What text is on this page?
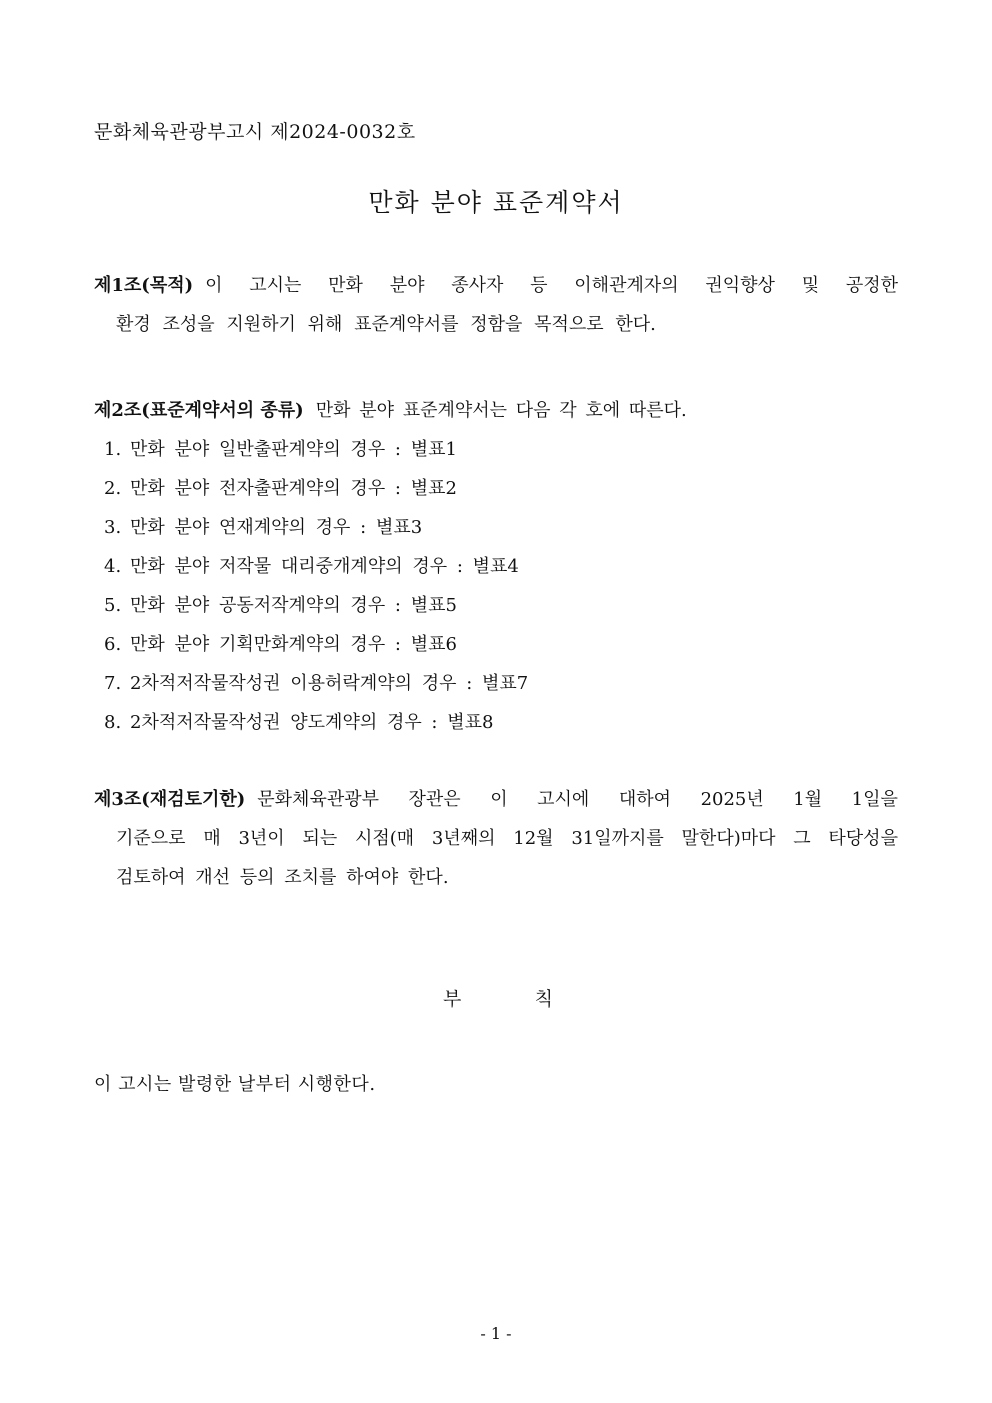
문화체육관광부고시 제2024-0032호
만화 분야 표준계약서
제1조(목적) 이 고시는 만화 분야 종사자 등 이해관계자의 권익향상 및 공정한
환경 조성을 지원하기 위해 표준계약서를 정함을 목적으로 한다.
제2조(표준계약서의 종류) 만화 분야 표준계약서는 다음 각 호에 따른다.
1. 만화 분야 일반출판계약의 경우 : 별표1
2. 만화 분야 전자출판계약의 경우 : 별표2
3. 만화 분야 연재계약의 경우 : 별표3
4. 만화 분야 저작물 대리중개계약의 경우 : 별표4
5. 만화 분야 공동저작계약의 경우 : 별표5
6. 만화 분야 기획만화계약의 경우 : 별표6
7. 2차적저작물작성권 이용허락계약의 경우 : 별표7
8. 2차적저작물작성권 양도계약의 경우 : 별표8
제3조(재검토기한) 문화체육관광부 장관은 이 고시에 대하여 2025년 1월 1일을
기준으로 매 3년이 되는 시점(매 3년째의 12월 31일까지를 말한다)마다 그 타당성을
검토하여 개선 등의 조치를 하여야 한다.
부	칙
이 고시는 발령한 날부터 시행한다.
- 1 -
